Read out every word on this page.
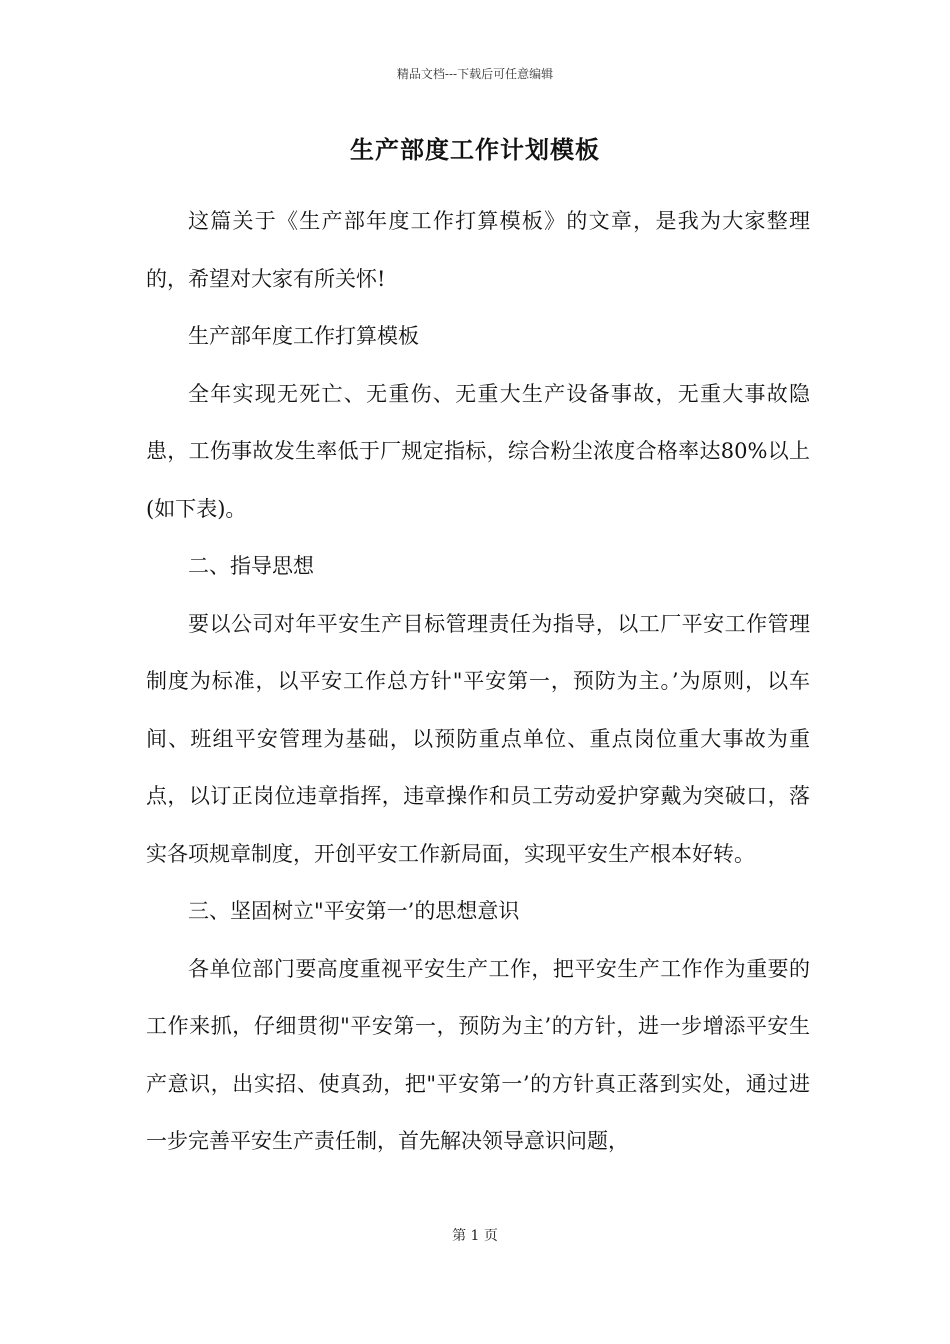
精品文档---下载后可任意编辑
生产部度工作计划模板

这篇关于《生产部年度工作打算模板》的文章，是我为大家整理的，希望对大家有所关怀!

生产部年度工作打算模板

全年实现无死亡、无重伤、无重大生产设备事故，无重大事故隐患，工伤事故发生率低于厂规定指标，综合粉尘浓度合格率达80%以上(如下表)。

二、指导思想

要以公司对年平安生产目标管理责任为指导，以工厂平安工作管理制度为标准，以平安工作总方针"平安第一，预防为主。’为原则，以车间、班组平安管理为基础，以预防重点单位、重点岗位重大事故为重点，以订正岗位违章指挥，违章操作和员工劳动爱护穿戴为突破口，落实各项规章制度，开创平安工作新局面，实现平安生产根本好转。

三、坚固树立"平安第一’的思想意识

各单位部门要高度重视平安生产工作，把平安生产工作作为重要的工作来抓，仔细贯彻"平安第一，预防为主’的方针，进一步增添平安生产意识，出实招、使真劲，把"平安第一’的方针真正落到实处，通过进一步完善平安生产责任制，首先解决领导意识问题，

第 1 页
